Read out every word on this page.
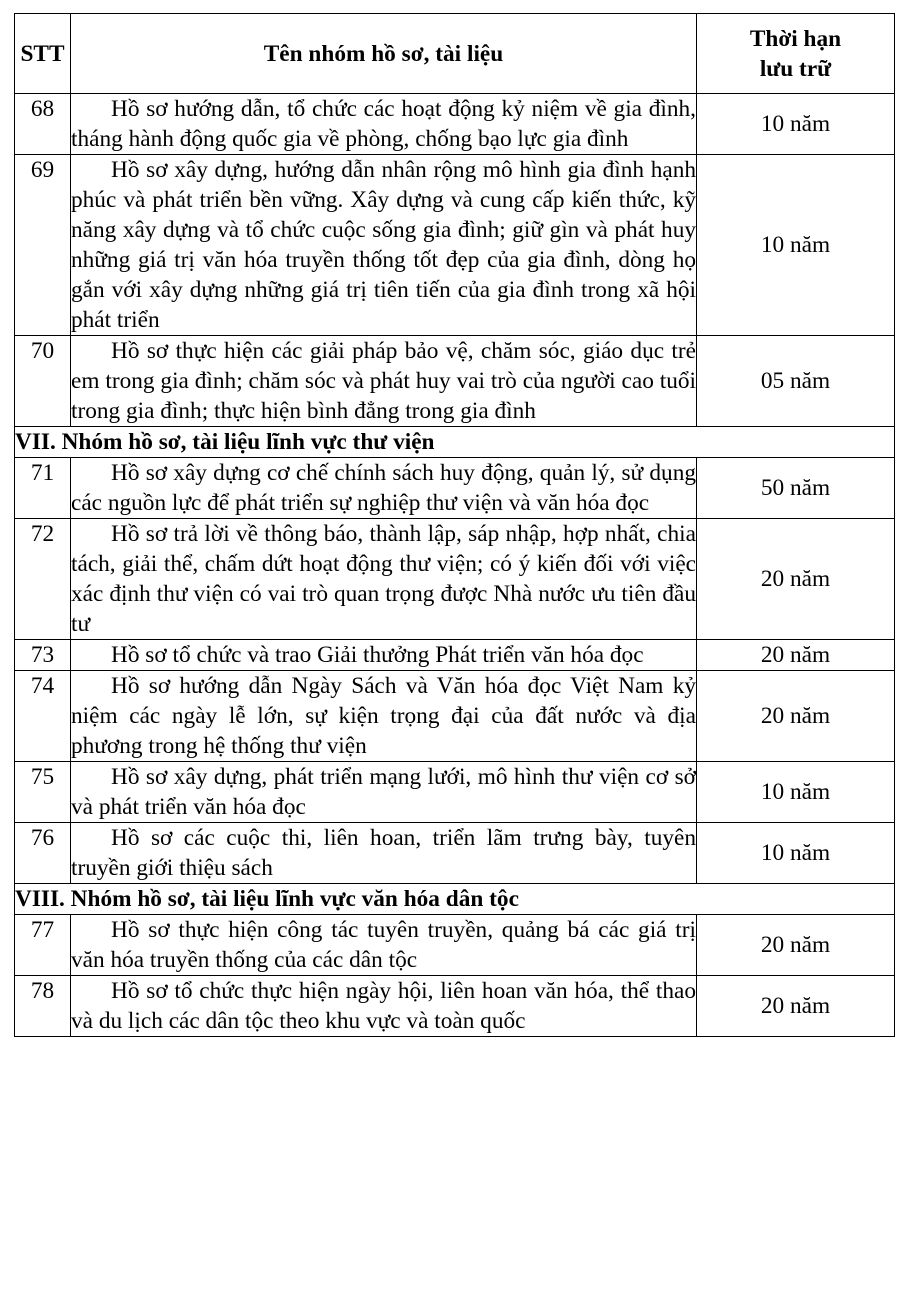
STT	Tên nhóm hồ sơ, tài liệu	Thời hạn
lưu trữ
68	Hồ sơ hướng dẫn, tổ chức các hoạt động kỷ niệm về gia đình, tháng hành động quốc gia về phòng, chống bạo lực gia đình	10 năm
69	Hồ sơ xây dựng, hướng dẫn nhân rộng mô hình gia đình hạnh phúc và phát triển bền vững. Xây dựng và cung cấp kiến thức, kỹ năng xây dựng và tổ chức cuộc sống gia đình; giữ gìn và phát huy những giá trị văn hóa truyền thống tốt đẹp của gia đình, dòng họ gắn với xây dựng những giá trị tiên tiến của gia đình trong xã hội phát triển	10 năm
70	Hồ sơ thực hiện các giải pháp bảo vệ, chăm sóc, giáo dục trẻ em trong gia đình; chăm sóc và phát huy vai trò của người cao tuổi trong gia đình; thực hiện bình đẳng trong gia đình	05 năm
VII. Nhóm hồ sơ, tài liệu lĩnh vực thư viện		
71	Hồ sơ xây dựng cơ chế chính sách huy động, quản lý, sử dụng các nguồn lực để phát triển sự nghiệp thư viện và văn hóa đọc	50 năm
72	Hồ sơ trả lời về thông báo, thành lập, sáp nhập, hợp nhất, chia tách, giải thể, chấm dứt hoạt động thư viện; có ý kiến đối với việc xác định thư viện có vai trò quan trọng được Nhà nước ưu tiên đầu tư	20 năm
73	Hồ sơ tổ chức và trao Giải thưởng Phát triển văn hóa đọc	20 năm
74	Hồ sơ hướng dẫn Ngày Sách và Văn hóa đọc Việt Nam kỷ niệm các ngày lễ lớn, sự kiện trọng đại của đất nước và địa phương trong hệ thống thư viện	20 năm
75	Hồ sơ xây dựng, phát triển mạng lưới, mô hình thư viện cơ sở và phát triển văn hóa đọc	10 năm
76	Hồ sơ các cuộc thi, liên hoan, triển lãm trưng bày, tuyên truyền giới thiệu sách	10 năm
VIII. Nhóm hồ sơ, tài liệu lĩnh vực văn hóa dân tộc		
77	Hồ sơ thực hiện công tác tuyên truyền, quảng bá các giá trị văn hóa truyền thống của các dân tộc	20 năm
78	Hồ sơ tổ chức thực hiện ngày hội, liên hoan văn hóa, thể thao và du lịch các dân tộc theo khu vực và toàn quốc	20 năm
